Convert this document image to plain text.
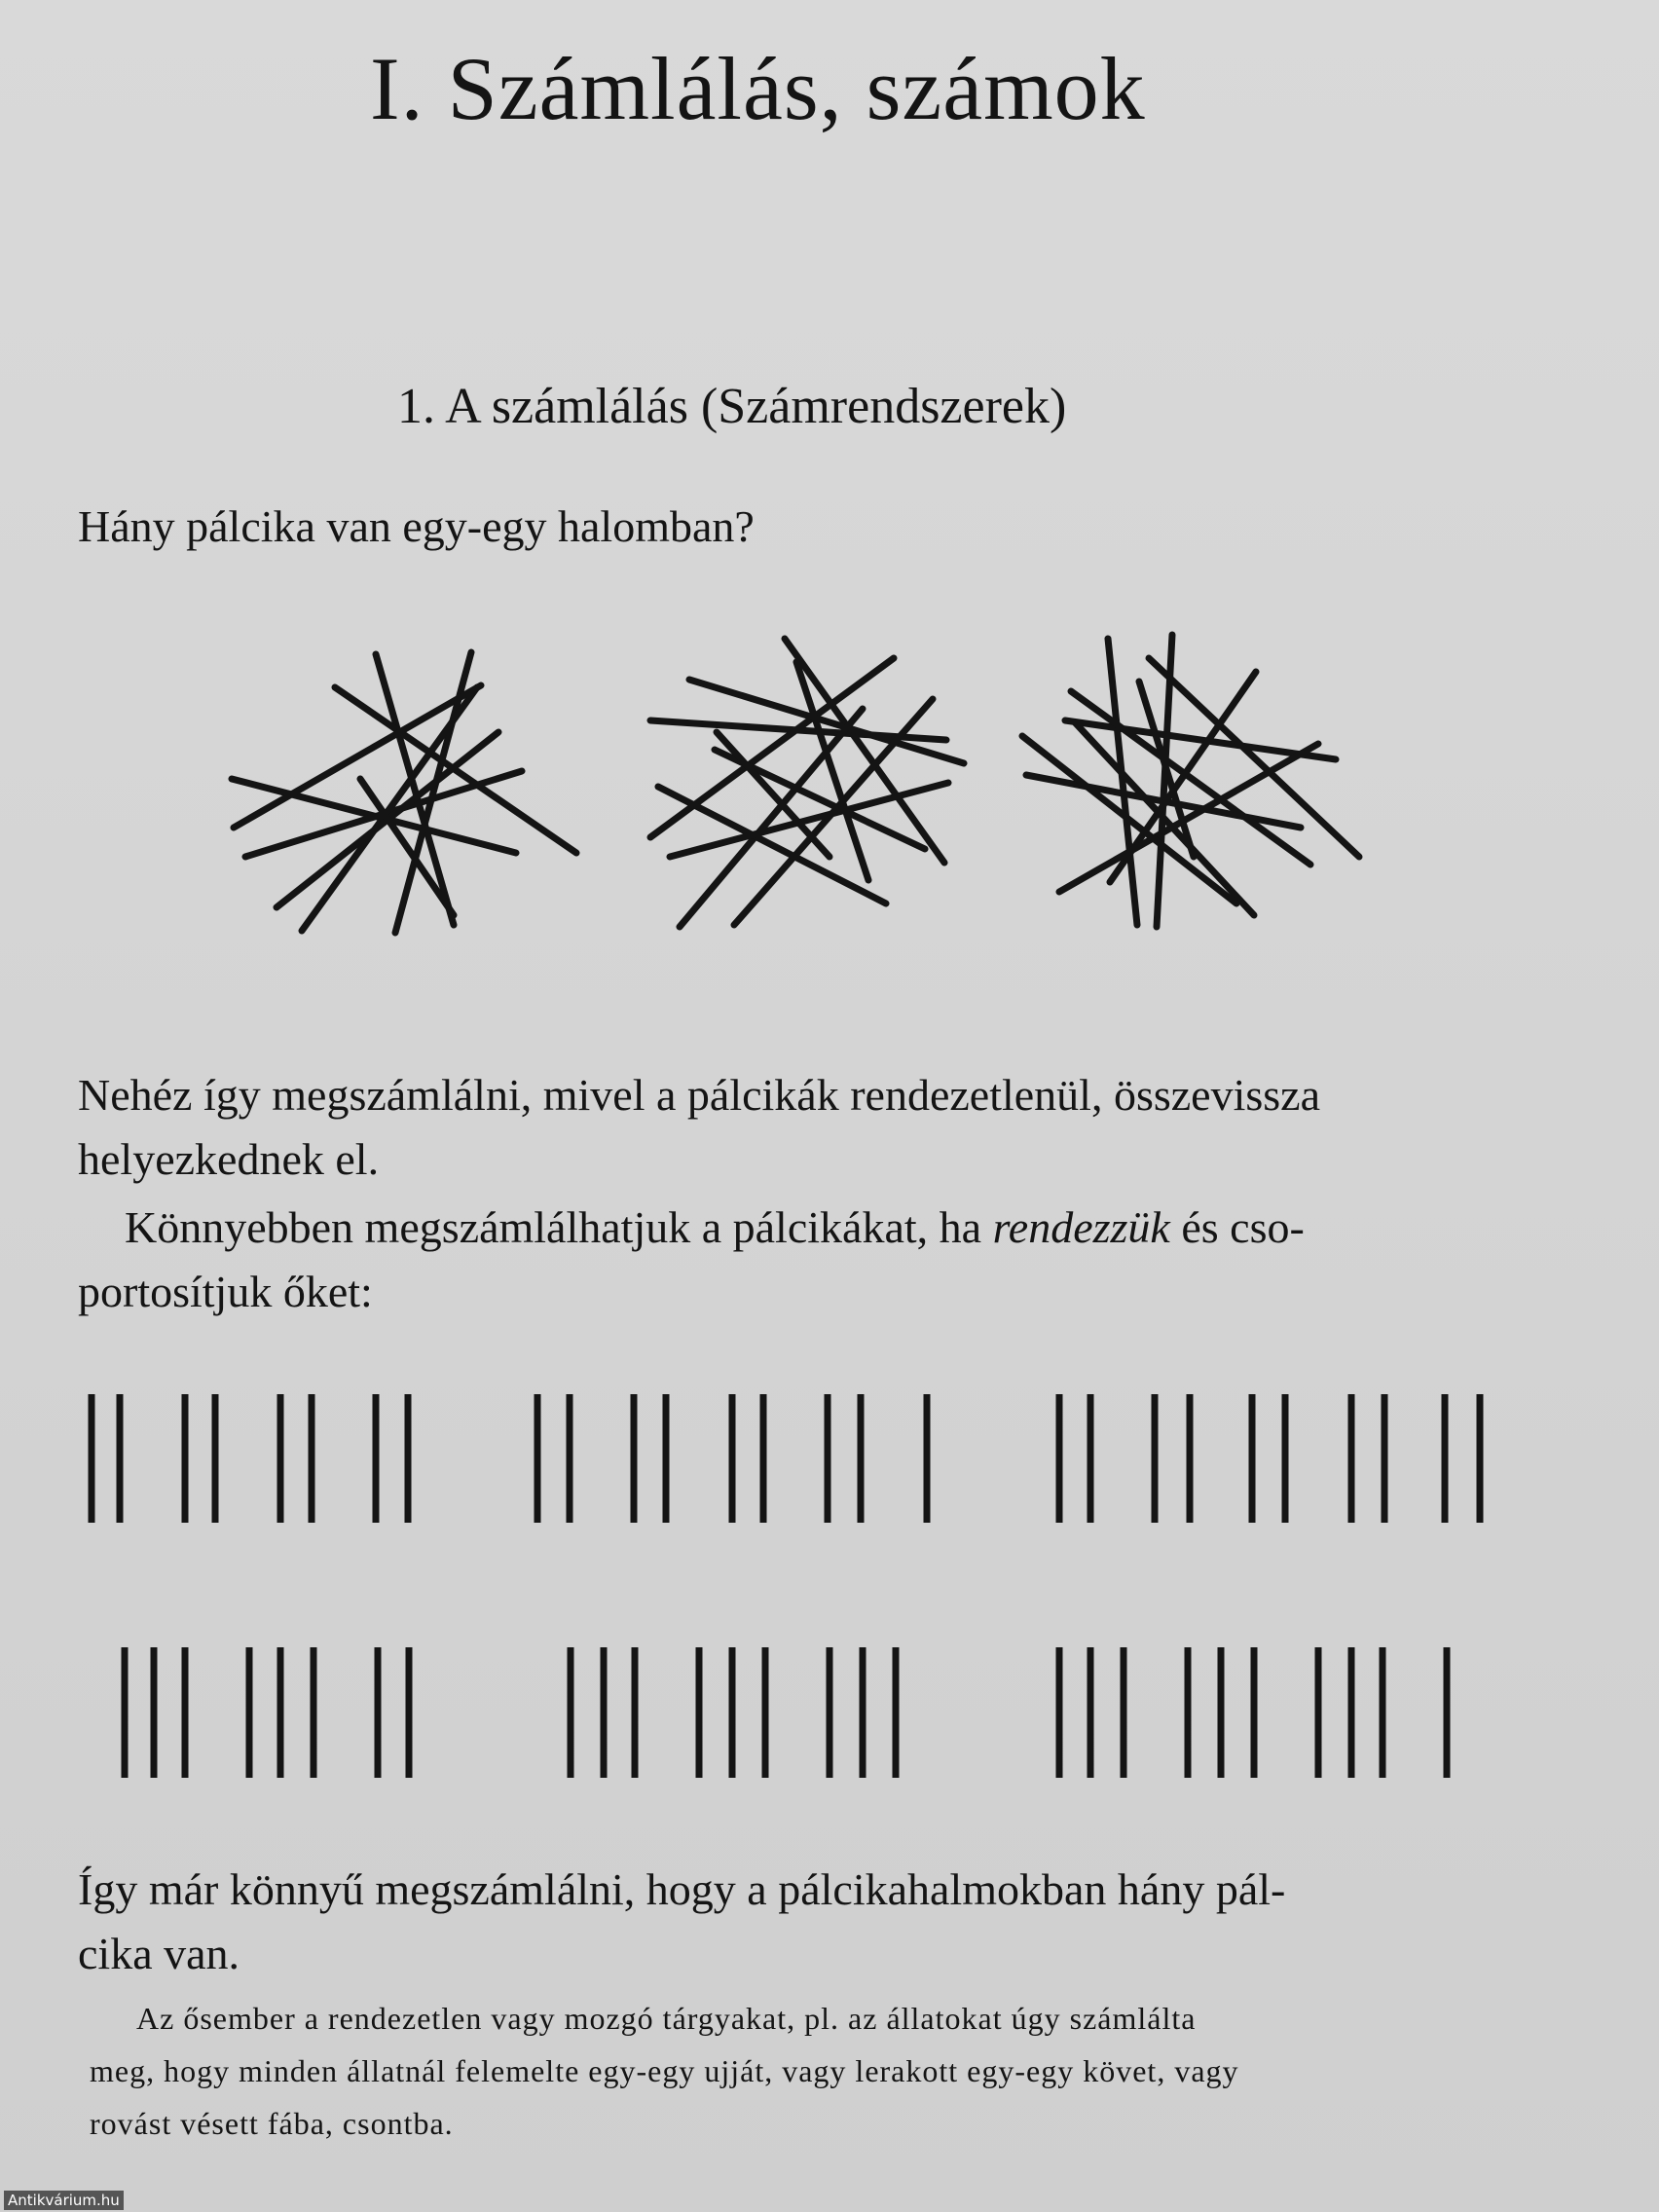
I. Számlálás, számok
1. A számlálás (Számrendszerek)
Hány pálcika van egy-egy halomban?
Nehéz így megszámlálni, mivel a pálcikák rendezetlenül, összevissza
helyezkednek el.
Könnyebben megszámlálhatjuk a pálcikákat, ha rendezzük és cso-
portosítjuk őket:
Így már könnyű megszámlálni, hogy a pálcikahalmokban hány pál-
cika van.
Az ősember a rendezetlen vagy mozgó tárgyakat, pl. az állatokat úgy számlálta
meg, hogy minden állatnál felemelte egy-egy ujját, vagy lerakott egy-egy követ, vagy
rovást vésett fába, csontba.
Antikvárium.hu
